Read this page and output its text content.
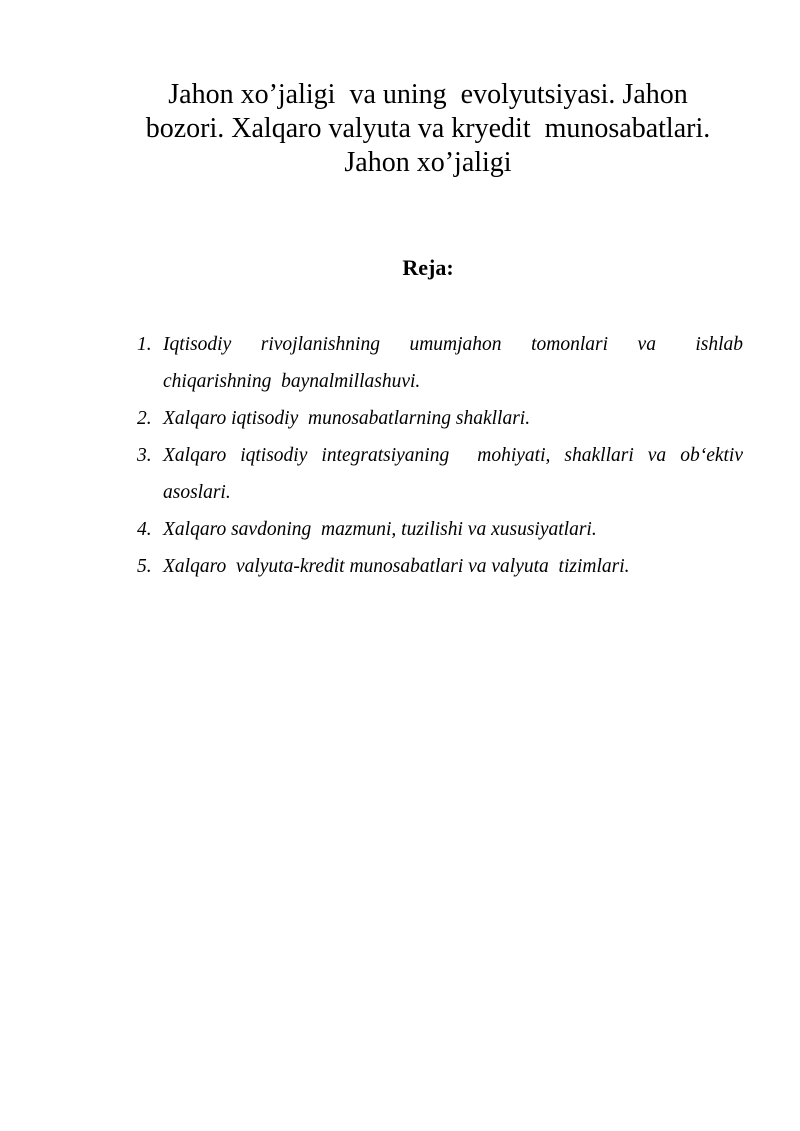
Jahon xo’jaligi  va uning  evolyutsiyasi. Jahon
bozori. Xalqaro valyuta va kryedit  munosabatlari.
Jahon xo’jaligi
Reja:
1. Iqtisodiy   rivojlanishning   umumjahon   tomonlari   va    ishlab chiqarishning  baynalmillashuvi.
2. Xalqaro iqtisodiy  munosabatlarning shakllari.
3. Xalqaro iqtisodiy integratsiyaning  mohiyati, shakllari va ob‘ektiv asoslari.
4. Xalqaro savdoning  mazmuni, tuzilishi va xususiyatlari.
5. Xalqaro  valyuta-kredit munosabatlari va valyuta  tizimlari.
